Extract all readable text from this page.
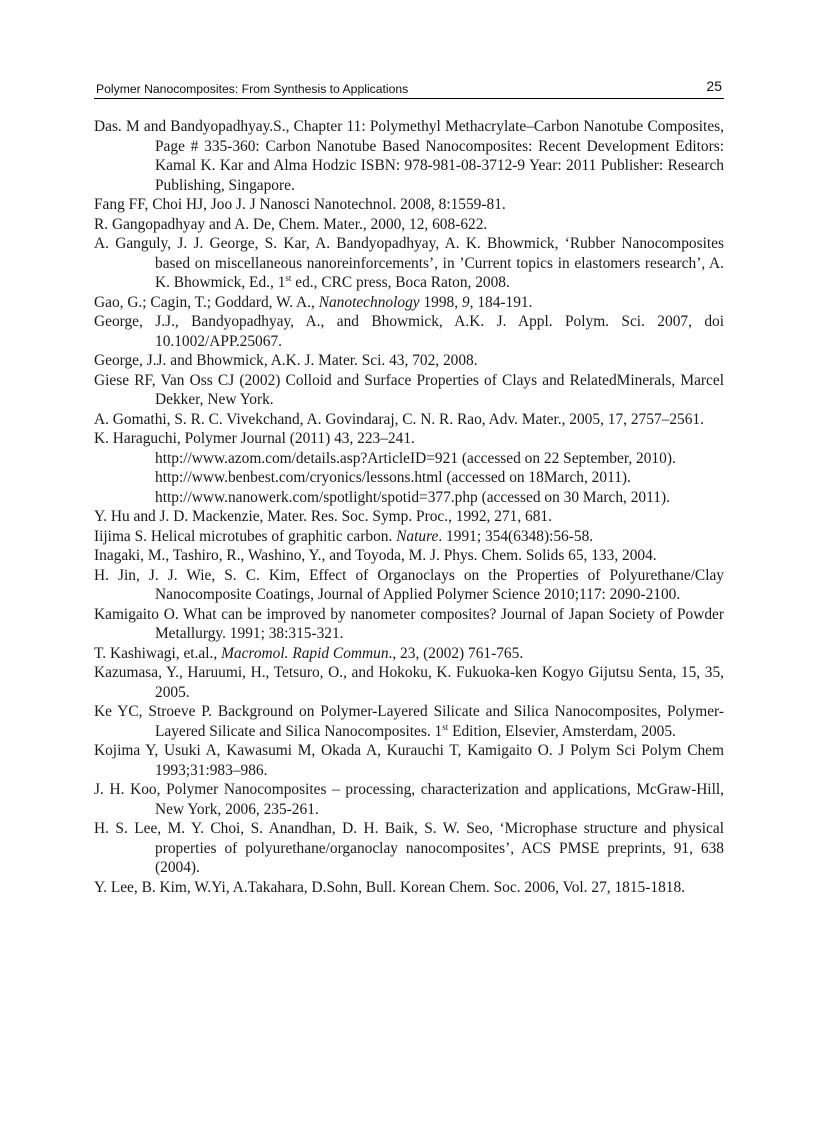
Polymer Nanocomposites: From Synthesis to Applications	25
Das. M and Bandyopadhyay.S., Chapter 11: Polymethyl Methacrylate–Carbon Nanotube Composites, Page # 335-360: Carbon Nanotube Based Nanocomposites: Recent Development Editors: Kamal K. Kar and Alma Hodzic ISBN: 978-981-08-3712-9 Year: 2011 Publisher: Research Publishing, Singapore.
Fang FF, Choi HJ, Joo J. J Nanosci Nanotechnol. 2008, 8:1559-81.
R. Gangopadhyay and A. De, Chem. Mater., 2000, 12, 608-622.
A. Ganguly, J. J. George, S. Kar, A. Bandyopadhyay, A. K. Bhowmick, ‘Rubber Nanocomposites based on miscellaneous nanoreinforcements’, in ’Current topics in elastomers research’, A. K. Bhowmick, Ed., 1st ed., CRC press, Boca Raton, 2008.
Gao, G.; Cagin, T.; Goddard, W. A., Nanotechnology 1998, 9, 184-191.
George, J.J., Bandyopadhyay, A., and Bhowmick, A.K. J. Appl. Polym. Sci. 2007, doi 10.1002/APP.25067.
George, J.J. and Bhowmick, A.K. J. Mater. Sci. 43, 702, 2008.
Giese RF, Van Oss CJ (2002) Colloid and Surface Properties of Clays and RelatedMinerals, Marcel Dekker, New York.
A. Gomathi, S. R. C. Vivekchand, A. Govindaraj, C. N. R. Rao, Adv. Mater., 2005, 17, 2757–2561.
K. Haraguchi, Polymer Journal (2011) 43, 223–241.
http://www.azom.com/details.asp?ArticleID=921 (accessed on 22 September, 2010).
http://www.benbest.com/cryonics/lessons.html (accessed on 18March, 2011).
http://www.nanowerk.com/spotlight/spotid=377.php (accessed on 30 March, 2011).
Y. Hu and J. D. Mackenzie, Mater. Res. Soc. Symp. Proc., 1992, 271, 681.
Iijima S. Helical microtubes of graphitic carbon. Nature. 1991; 354(6348):56-58.
Inagaki, M., Tashiro, R., Washino, Y., and Toyoda, M. J. Phys. Chem. Solids 65, 133, 2004.
H. Jin, J. J. Wie, S. C. Kim, Effect of Organoclays on the Properties of Polyurethane/Clay Nanocomposite Coatings, Journal of Applied Polymer Science 2010;117: 2090-2100.
Kamigaito O. What can be improved by nanometer composites? Journal of Japan Society of Powder Metallurgy. 1991; 38:315-321.
T. Kashiwagi, et.al., Macromol. Rapid Commun., 23, (2002) 761-765.
Kazumasa, Y., Haruumi, H., Tetsuro, O., and Hokoku, K. Fukuoka-ken Kogyo Gijutsu Senta, 15, 35, 2005.
Ke YC, Stroeve P. Background on Polymer-Layered Silicate and Silica Nanocomposites, Polymer-Layered Silicate and Silica Nanocomposites. 1st Edition, Elsevier, Amsterdam, 2005.
Kojima Y, Usuki A, Kawasumi M, Okada A, Kurauchi T, Kamigaito O. J Polym Sci Polym Chem 1993;31:983–986.
J. H. Koo, Polymer Nanocomposites – processing, characterization and applications, McGraw-Hill, New York, 2006, 235-261.
H. S. Lee, M. Y. Choi, S. Anandhan, D. H. Baik, S. W. Seo, ‘Microphase structure and physical properties of polyurethane/organoclay nanocomposites’, ACS PMSE preprints, 91, 638 (2004).
Y. Lee, B. Kim, W.Yi, A.Takahara, D.Sohn, Bull. Korean Chem. Soc. 2006, Vol. 27, 1815-1818.
